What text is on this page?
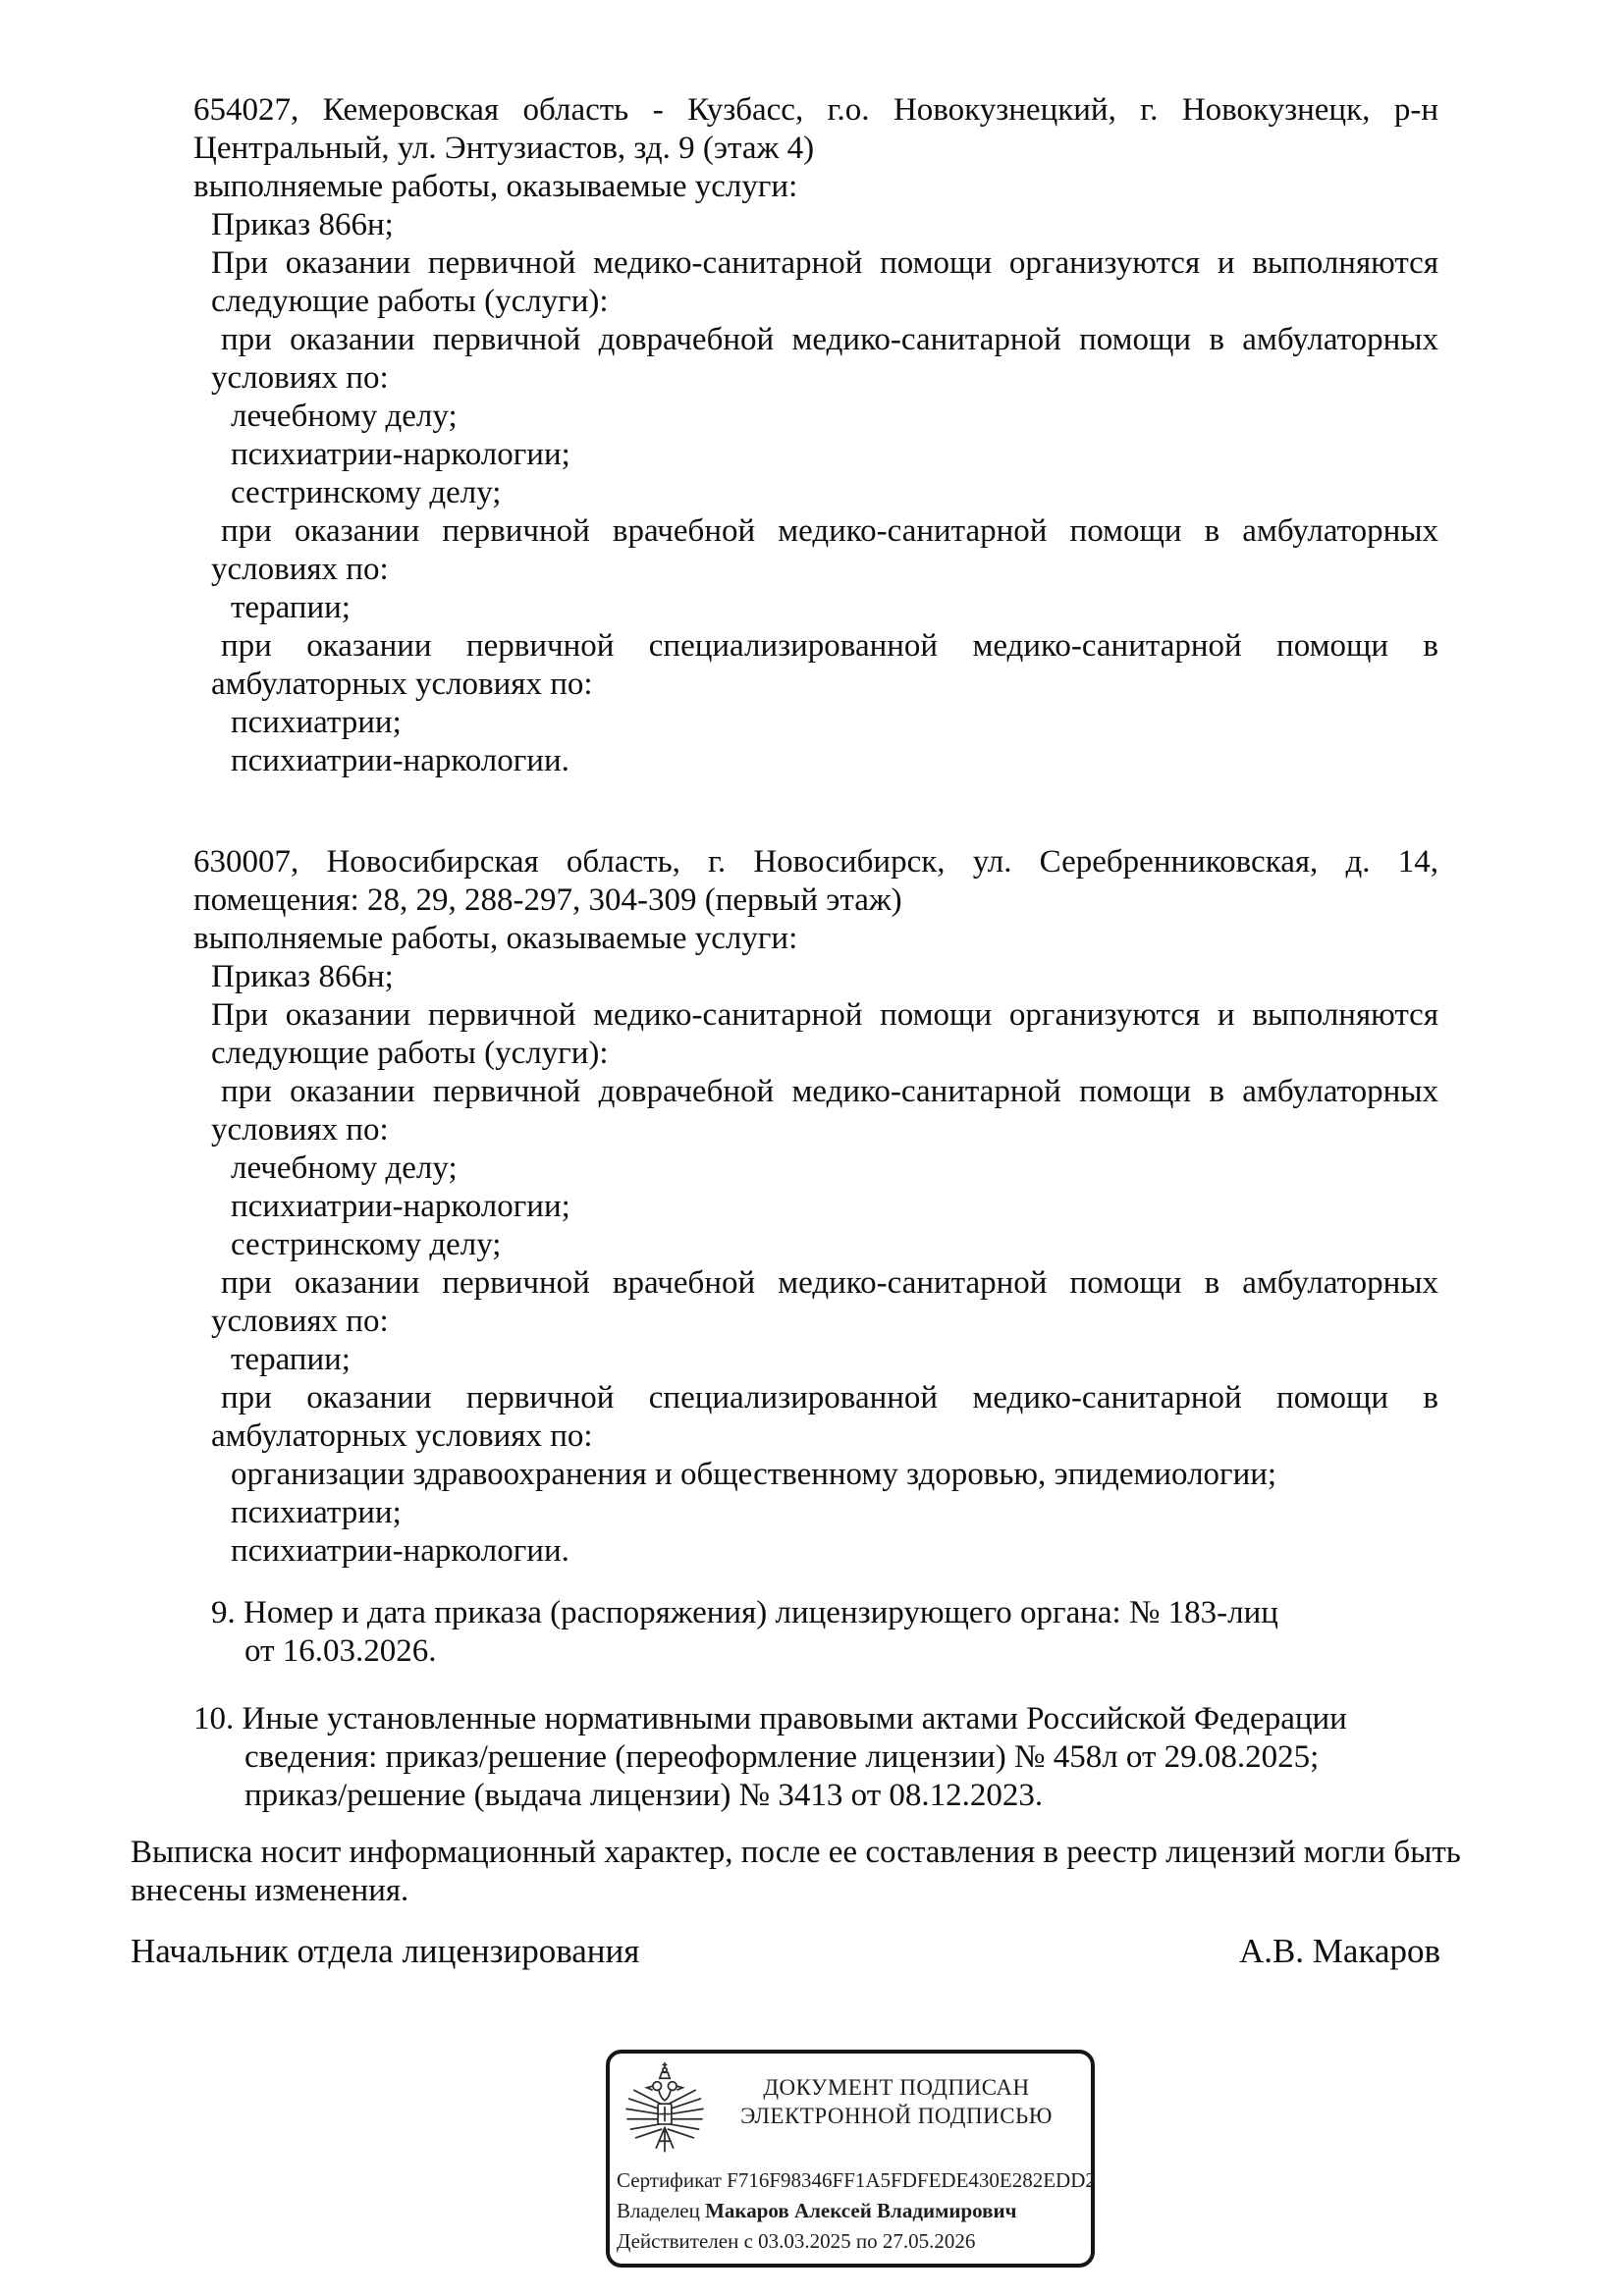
654027, Кемеровская область - Кузбасс, г.о. Новокузнецкий, г. Новокузнецк, р-н Центральный, ул. Энтузиастов, зд. 9 (этаж 4)

выполняемые работы, оказываемые услуги:

Приказ 866н;

При оказании первичной медико-санитарной помощи организуются и выполняются следующие работы (услуги):

при оказании первичной доврачебной медико-санитарной помощи в амбулаторных условиях по:

лечебному делу;

психиатрии-наркологии;

сестринскому делу;

при оказании первичной врачебной медико-санитарной помощи в амбулаторных условиях по:

терапии;

при оказании первичной специализированной медико-санитарной помощи в амбулаторных условиях по:

психиатрии;

психиатрии-наркологии.

630007, Новосибирская область, г. Новосибирск, ул. Серебренниковская, д. 14, помещения: 28, 29, 288-297, 304-309 (первый этаж)

выполняемые работы, оказываемые услуги:

Приказ 866н;

При оказании первичной медико-санитарной помощи организуются и выполняются следующие работы (услуги):

при оказании первичной доврачебной медико-санитарной помощи в амбулаторных условиях по:

лечебному делу;

психиатрии-наркологии;

сестринскому делу;

при оказании первичной врачебной медико-санитарной помощи в амбулаторных условиях по:

терапии;

при оказании первичной специализированной медико-санитарной помощи в амбулаторных условиях по:

организации здравоохранения и общественному здоровью, эпидемиологии;

психиатрии;

психиатрии-наркологии.

9. Номер и дата приказа (распоряжения) лицензирующего органа: № 183-лиц

от 16.03.2026.

10. Иные установленные нормативными правовыми актами Российской Федерации

сведения: приказ/решение (переоформление лицензии) № 458л от 29.08.2025;

приказ/решение (выдача лицензии) № 3413 от 08.12.2023.

Выписка носит информационный характер, после ее составления в реестр лицензий могли быть внесены изменения.

Начальник отдела лицензирования	А.В. Макаров
ДОКУМЕНТ ПОДПИСАН
ЭЛЕКТРОННОЙ ПОДПИСЬЮ
Сертификат F716F98346FF1A5FDFEDE430E282EDD2
Владелец Макаров Алексей Владимирович
Действителен с 03.03.2025 по 27.05.2026
